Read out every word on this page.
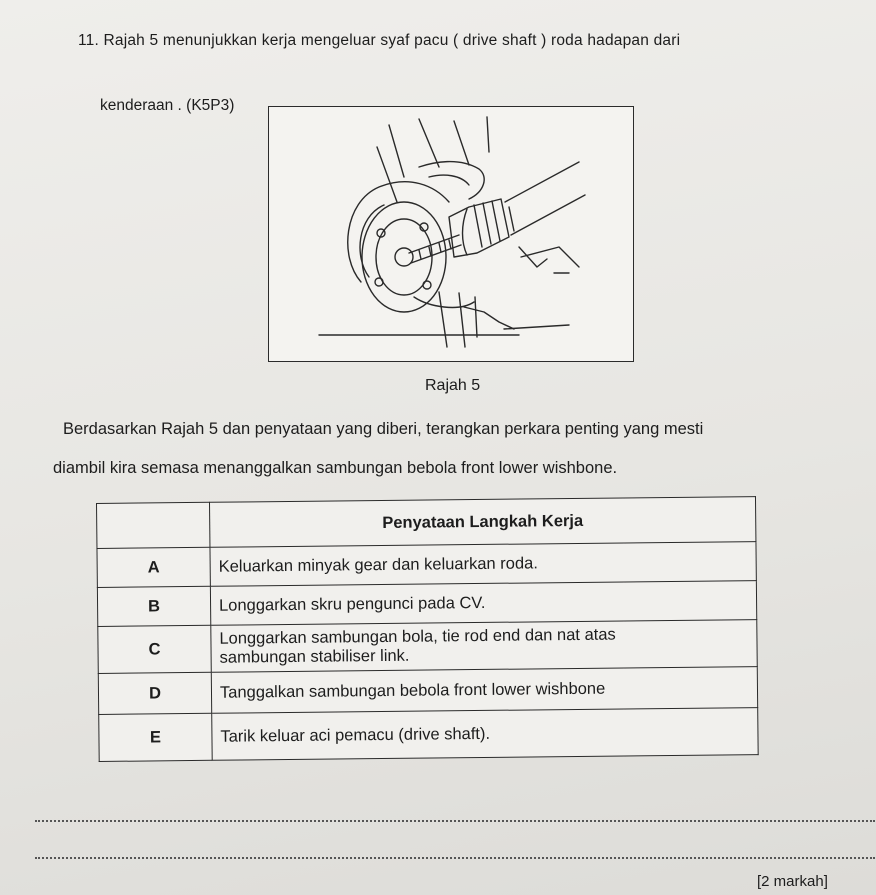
11. Rajah 5 menunjukkan kerja mengeluar syaf pacu ( drive shaft ) roda hadapan dari
kenderaan . (K5P3)
Rajah 5
Berdasarkan Rajah 5 dan penyataan yang diberi, terangkan perkara penting yang mesti
diambil kira semasa menanggalkan sambungan bebola front lower wishbone.
	Penyataan Langkah Kerja
A	Keluarkan minyak gear dan keluarkan roda.
B	Longgarkan skru pengunci pada CV.
C	Longgarkan sambungan bola, tie rod end dan nat atas
sambungan stabiliser link.

D	Tanggalkan sambungan bebola front lower wishbone
E	Tarik keluar aci pemacu (drive shaft).
[2 markah]
